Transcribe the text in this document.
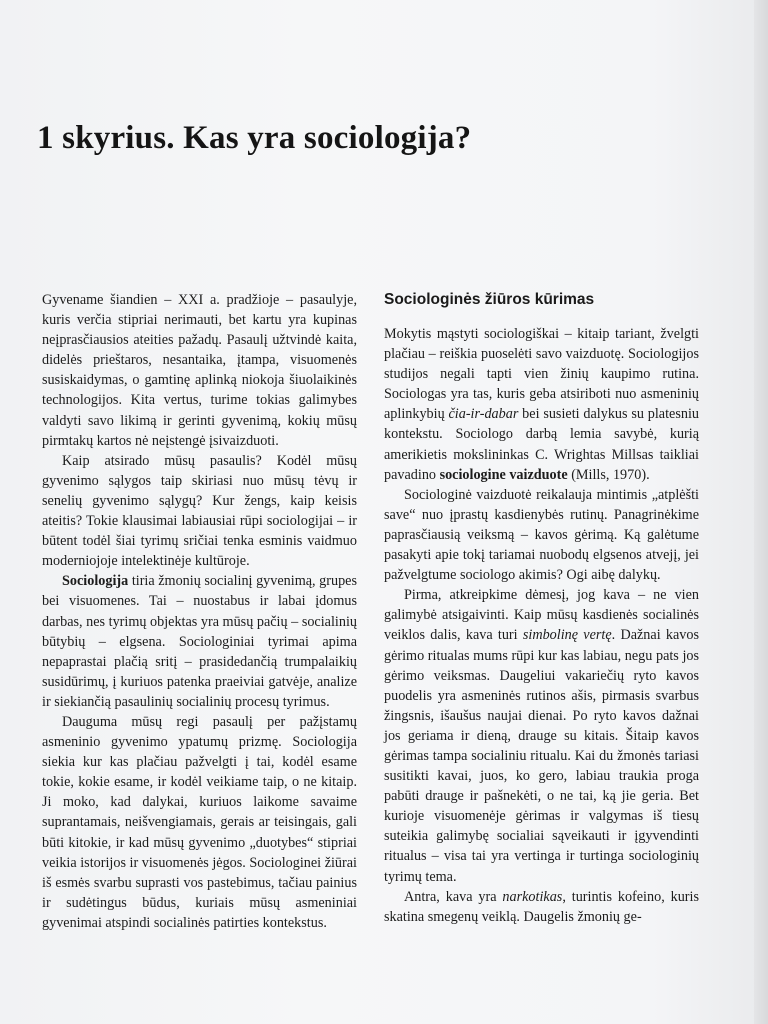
1 skyrius. Kas yra sociologija?

Gyvename šiandien – XXI a. pradžioje – pasaulyje, kuris verčia stipriai nerimauti, bet kartu yra kupinas neįprasčiausios ateities pažadų. Pasaulį užtvindė kaita, didelės prieštaros, nesantaika, įtampa, visuomenės susiskaidymas, o gamtinę aplinką niokoja šiuolaikinės technologijos. Kita vertus, turime tokias galimybes valdyti savo likimą ir gerinti gyvenimą, kokių mūsų pirmtakų kartos nė neįstengė įsivaizduoti.

Kaip atsirado mūsų pasaulis? Kodėl mūsų gyvenimo sąlygos taip skiriasi nuo mūsų tėvų ir senelių gyvenimo sąlygų? Kur žengs, kaip keisis ateitis? Tokie klausimai labiausiai rūpi sociologijai – ir būtent todėl šiai tyrimų sričiai tenka esminis vaidmuo moderniojoje intelektinėje kultūroje.

Sociologija tiria žmonių socialinį gyvenimą, grupes bei visuomenes. Tai – nuostabus ir labai įdomus darbas, nes tyrimų objektas yra mūsų pačių – socialinių būtybių – elgsena. Sociologiniai tyrimai apima nepaprastai plačią sritį – prasidedančią trumpalaikių susidūrimų, į kuriuos patenka praeiviai gatvėje, analize ir siekiančią pasaulinių socialinių procesų tyrimus.

Dauguma mūsų regi pasaulį per pažįstamų asmeninio gyvenimo ypatumų prizmę. Sociologija siekia kur kas plačiau pažvelgti į tai, kodėl esame tokie, kokie esame, ir kodėl veikiame taip, o ne kitaip. Ji moko, kad dalykai, kuriuos laikome savaime suprantamais, neišvengiamais, gerais ar teisingais, gali būti kitokie, ir kad mūsų gyvenimo „duotybes“ stipriai veikia istorijos ir visuomenės jėgos. Sociologinei žiūrai iš esmės svarbu suprasti vos pastebimus, tačiau painius ir sudėtingus būdus, kuriais mūsų asmeniniai gyvenimai atspindi socialinės patirties kontekstus.

Sociologinės žiūros kūrimas

Mokytis mąstyti sociologiškai – kitaip tariant, žvelgti plačiau – reiškia puoselėti savo vaizduotę. Sociologijos studijos negali tapti vien žinių kaupimo rutina. Sociologas yra tas, kuris geba atsiriboti nuo asmeninių aplinkybių čia-ir-dabar bei susieti dalykus su platesniu kontekstu. Sociologo darbą lemia savybė, kurią amerikietis mokslininkas C. Wrightas Millsas taikliai pavadino sociologine vaizduote (Mills, 1970).

Sociologinė vaizduotė reikalauja mintimis „atplėšti save“ nuo įprastų kasdienybės rutinų. Panagrinėkime paprasčiausią veiksmą – kavos gėrimą. Ką galėtume pasakyti apie tokį tariamai nuobodų elgsenos atvejį, jei pažvelgtume sociologo akimis? Ogi aibę dalykų.

Pirma, atkreipkime dėmesį, jog kava – ne vien galimybė atsigaivinti. Kaip mūsų kasdienės socialinės veiklos dalis, kava turi simbolinę vertę. Dažnai kavos gėrimo ritualas mums rūpi kur kas labiau, negu pats jos gėrimo veiksmas. Daugeliui vakariečių ryto kavos puodelis yra asmeninės rutinos ašis, pirmasis svarbus žingsnis, išaušus naujai dienai. Po ryto kavos dažnai jos geriama ir dieną, drauge su kitais. Šitaip kavos gėrimas tampa socialiniu ritualu. Kai du žmonės tariasi susitikti kavai, juos, ko gero, labiau traukia proga pabūti drauge ir pašnekėti, o ne tai, ką jie geria. Bet kurioje visuomenėje gėrimas ir valgymas iš tiesų suteikia galimybę socialiai sąveikauti ir įgyvendinti ritualus – visa tai yra vertinga ir turtinga sociologinių tyrimų tema.

Antra, kava yra narkotikas, turintis kofeino, kuris skatina smegenų veiklą. Daugelis žmonių ge-
